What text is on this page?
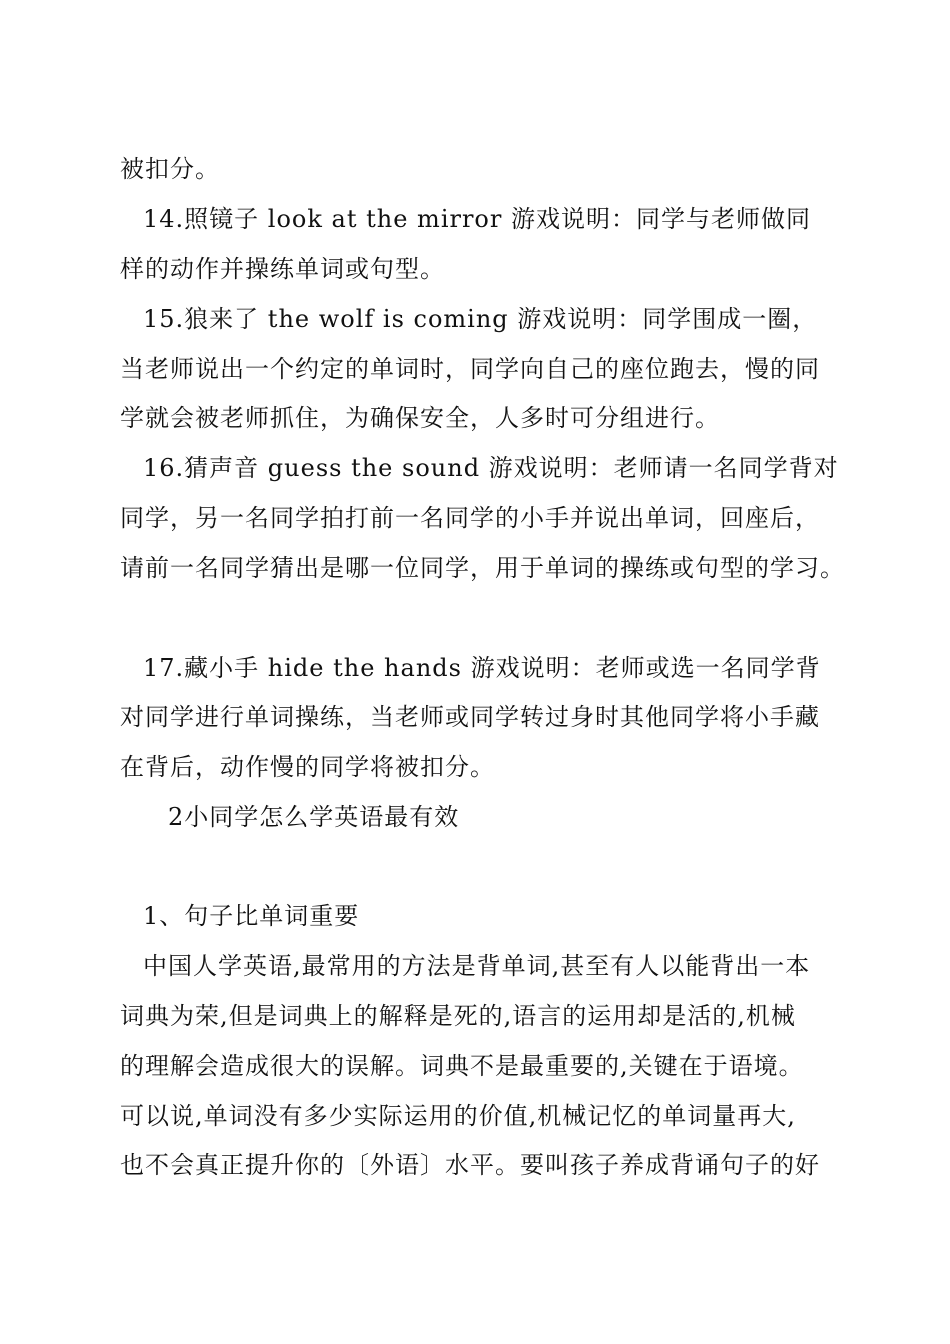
被扣分。
14.照镜子 look at the mirror 游戏说明：同学与老师做同
样的动作并操练单词或句型。
15.狼来了 the wolf is coming 游戏说明：同学围成一圈，
当老师说出一个约定的单词时，同学向自己的座位跑去，慢的同
学就会被老师抓住，为确保安全，人多时可分组进行。
16.猜声音 guess the sound 游戏说明：老师请一名同学背对
同学，另一名同学拍打前一名同学的小手并说出单词，回座后，
请前一名同学猜出是哪一位同学，用于单词的操练或句型的学习。
17.藏小手 hide the hands 游戏说明：老师或选一名同学背
对同学进行单词操练，当老师或同学转过身时其他同学将小手藏
在背后，动作慢的同学将被扣分。
2小同学怎么学英语最有效
1、句子比单词重要
中国人学英语,最常用的方法是背单词,甚至有人以能背出一本
词典为荣,但是词典上的解释是死的,语言的运用却是活的,机械
的理解会造成很大的误解。词典不是最重要的,关键在于语境。
可以说,单词没有多少实际运用的价值,机械记忆的单词量再大,
也不会真正提升你的〔外语〕水平。要叫孩子养成背诵句子的好
